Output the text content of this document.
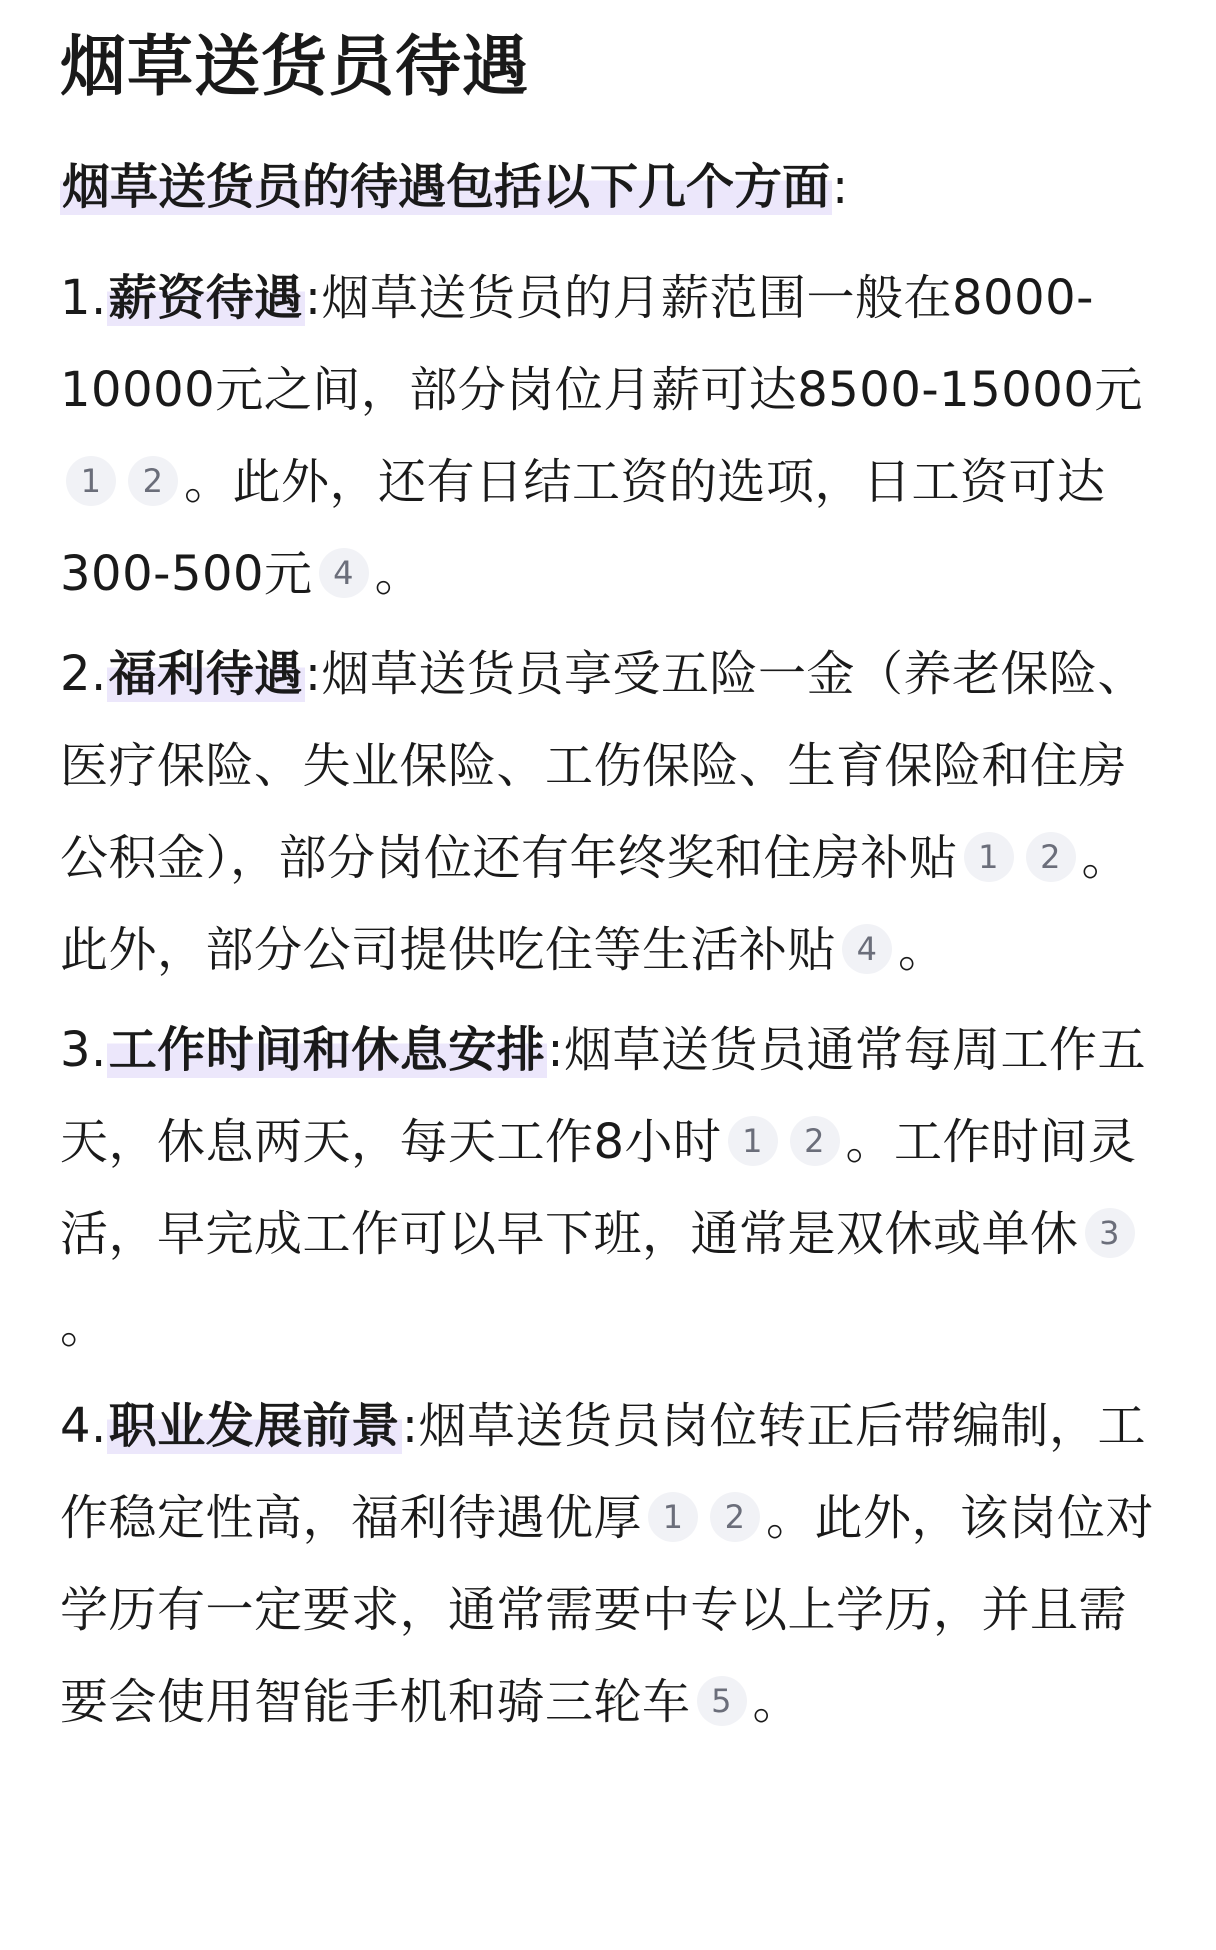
烟草送货员待遇

烟草送货员的待遇包括以下几个方面:

1.薪资待遇:烟草送货员的月薪范围一般在8000-10000元之间，部分岗位月薪可达8500-15000元1 2 。此外，还有日结工资的选项，日工资可达300-500元 4 。

2.福利待遇:烟草送货员享受五险一金（养老保险、医疗保险、失业保险、工伤保险、生育保险和住房公积金），部分岗位还有年终奖和住房补贴 1 2 。此外，部分公司提供吃住等生活补贴 4 。

3.工作时间和休息安排:烟草送货员通常每周工作五天，休息两天，每天工作8小时 1 2 。工作时间灵活，早完成工作可以早下班，通常是双休或单休 3。

4.职业发展前景:烟草送货员岗位转正后带编制，工作稳定性高，福利待遇优厚 1 2 。此外，该岗位对学历有一定要求，通常需要中专以上学历，并且需要会使用智能手机和骑三轮车 5 。
